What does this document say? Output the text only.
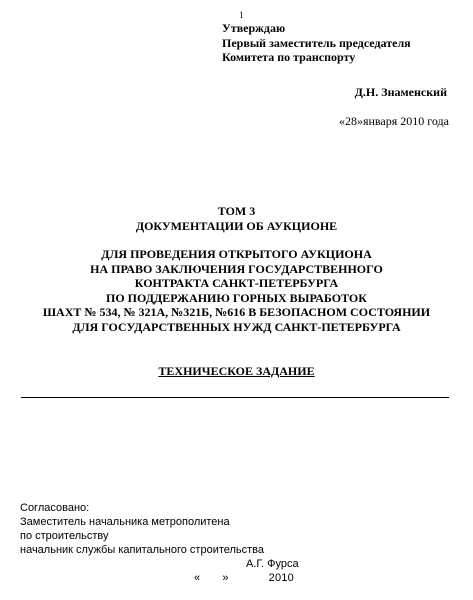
1
Утверждаю
Первый заместитель председателя
Комитета по транспорту
Д.Н. Знаменский
«28»января 2010 года
ТОМ 3
ДОКУМЕНТАЦИИ ОБ АУКЦИОНЕ
ДЛЯ ПРОВЕДЕНИЯ ОТКРЫТОГО АУКЦИОНА
НА ПРАВО ЗАКЛЮЧЕНИЯ ГОСУДАРСТВЕННОГО
КОНТРАКТА САНКТ-ПЕТЕРБУРГА
ПО ПОДДЕРЖАНИЮ ГОРНЫХ ВЫРАБОТОК
ШАХТ № 534, № 321А, №321Б, №616 В БЕЗОПАСНОМ СОСТОЯНИИ
ДЛЯ ГОСУДАРСТВЕННЫХ НУЖД САНКТ-ПЕТЕРБУРГА
ТЕХНИЧЕСКОЕ ЗАДАНИЕ
Согласовано:
Заместитель начальника метрополитена
по строительству
начальник службы капитального строительства
А.Г. Фурса
« »	2010
